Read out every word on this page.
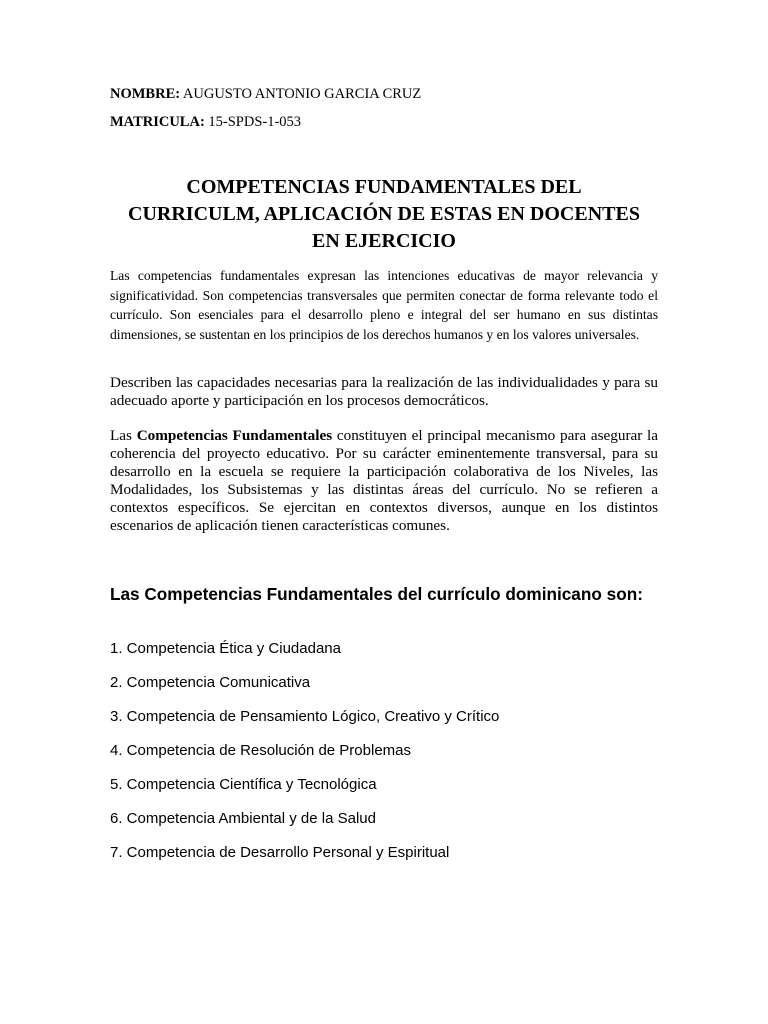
NOMBRE: AUGUSTO ANTONIO GARCIA CRUZ
MATRICULA: 15-SPDS-1-053
COMPETENCIAS FUNDAMENTALES DEL
CURRICULM, APLICACIÓN DE ESTAS EN DOCENTES
EN EJERCICIO

Las competencias fundamentales expresan las intenciones educativas de mayor relevancia y significatividad. Son competencias transversales que permiten conectar de forma relevante todo el currículo. Son esenciales para el desarrollo pleno e integral del ser humano en sus distintas dimensiones, se sustentan en los principios de los derechos humanos y en los valores universales.

Describen las capacidades necesarias para la realización de las individualidades y para su adecuado aporte y participación en los procesos democráticos.

Las Competencias Fundamentales constituyen el principal mecanismo para asegurar la coherencia del proyecto educativo. Por su carácter eminentemente transversal, para su desarrollo en la escuela se requiere la participación colaborativa de los Niveles, las Modalidades, los Subsistemas y las distintas áreas del currículo. No se refieren a contextos específicos. Se ejercitan en contextos diversos, aunque en los distintos escenarios de aplicación tienen características comunes.

Las Competencias Fundamentales del currículo dominicano son:
1. Competencia Ética y Ciudadana
2. Competencia Comunicativa
3. Competencia de Pensamiento Lógico, Creativo y Crítico
4. Competencia de Resolución de Problemas
5. Competencia Científica y Tecnológica
6. Competencia Ambiental y de la Salud
7. Competencia de Desarrollo Personal y Espiritual
